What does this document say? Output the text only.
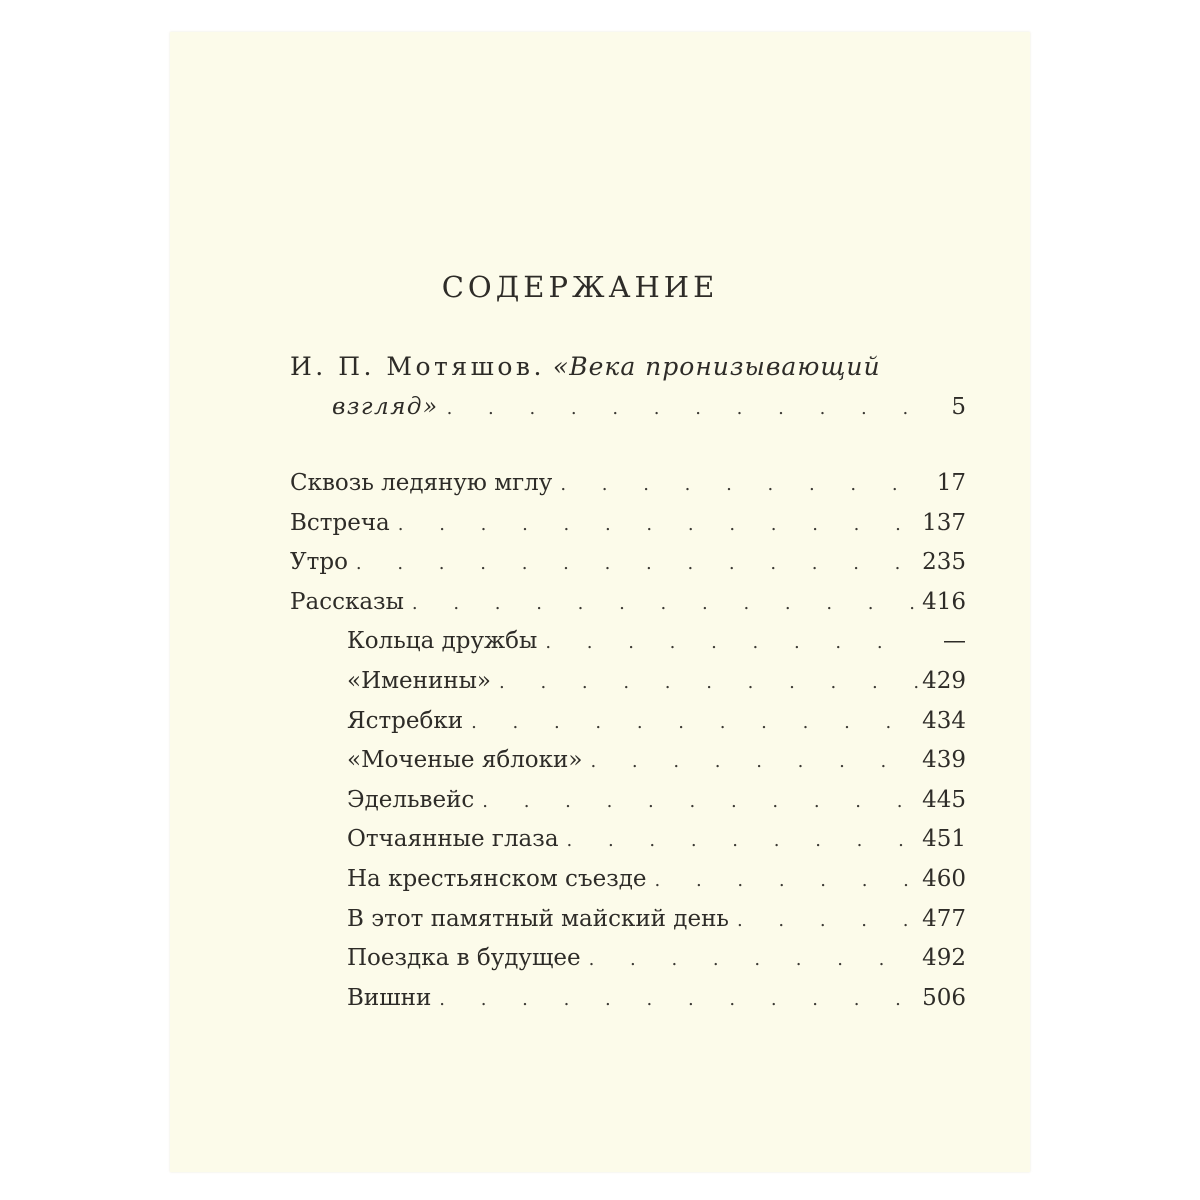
СОДЕРЖАНИЕ
И. П. Мотяшов. «Века пронизывающий
взгляд» . . .	5
Сквозь ледяную мглу . . .	17
Встреча . . .	137
Утро . . .	235
Рассказы . . .	416
Кольца дружбы . . .	—
«Именины» . . .	429
Ястребки . . .	434
«Моченые яблоки» . . .	439
Эдельвейс . . .	445
Отчаянные глаза . . .	451
На крестьянском съезде . . .	460
В этот памятный майский день . . .	477
Поездка в будущее . . .	492
Вишни . . .	506
